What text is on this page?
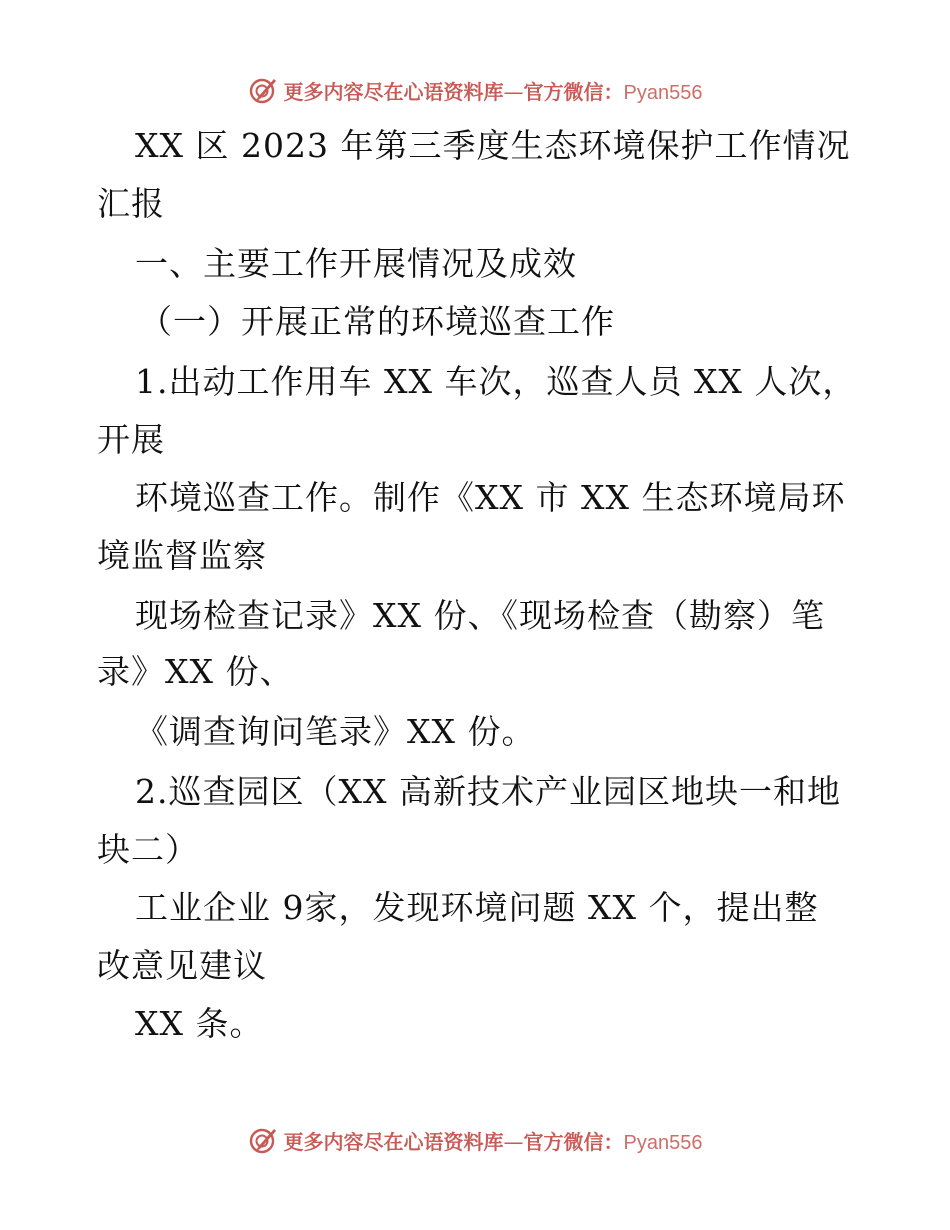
更多内容尽在心语资料库—官方微信：Pyan556
XX 区 2023 年第三季度生态环境保护工作情况
汇报
一、主要工作开展情况及成效
（一）开展正常的环境巡查工作
1.出动工作用车 XX 车次，巡查人员 XX 人次，
开展
环境巡查工作。制作《XX 市 XX 生态环境局环
境监督监察
现场检查记录》XX 份、《现场检查（勘察）笔
录》XX 份、
《调查询问笔录》XX 份。
2.巡查园区（XX 高新技术产业园区地块一和地
块二）
工业企业 9家，发现环境问题 XX 个，提出整
改意见建议
XX 条。
更多内容尽在心语资料库—官方微信：Pyan556
